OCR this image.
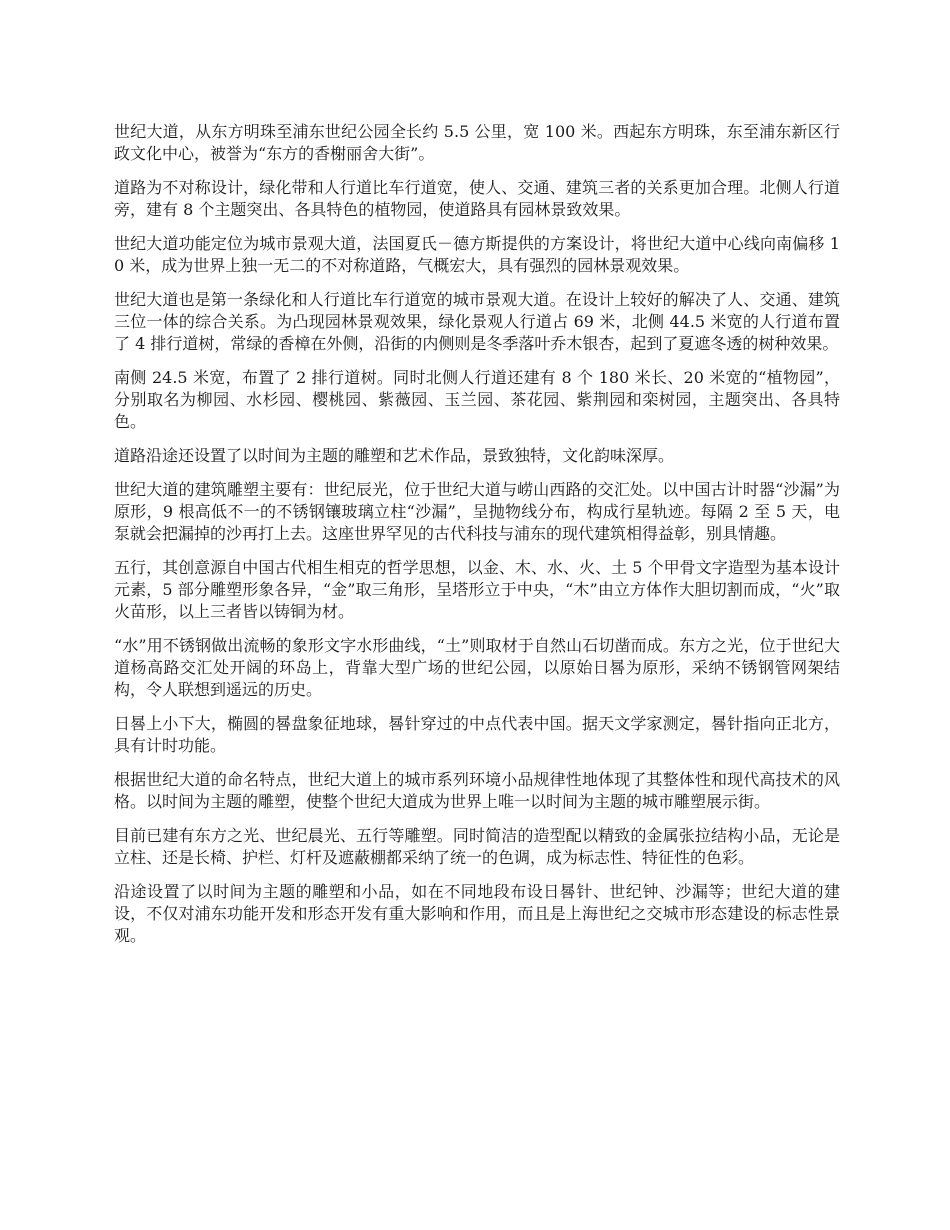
世纪大道，从东方明珠至浦东世纪公园全长约 5.5 公里，宽 100 米。西起东方明珠，东至浦东新区行政文化中心，被誉为“东方的香榭丽舍大街”。

道路为不对称设计，绿化带和人行道比车行道宽，使人、交通、建筑三者的关系更加合理。北侧人行道旁，建有 8 个主题突出、各具特色的植物园，使道路具有园林景致效果。

世纪大道功能定位为城市景观大道，法国夏氏－德方斯提供的方案设计，将世纪大道中心线向南偏移 10 米，成为世界上独一无二的不对称道路，气概宏大，具有强烈的园林景观效果。

世纪大道也是第一条绿化和人行道比车行道宽的城市景观大道。在设计上较好的解决了人、交通、建筑三位一体的综合关系。为凸现园林景观效果，绿化景观人行道占 69 米，北侧 44.5 米宽的人行道布置了 4 排行道树，常绿的香樟在外侧，沿街的内侧则是冬季落叶乔木银杏，起到了夏遮冬透的树种效果。

南侧 24.5 米宽，布置了 2 排行道树。同时北侧人行道还建有 8 个 180 米长、20 米宽的“植物园”，分别取名为柳园、水杉园、樱桃园、紫薇园、玉兰园、茶花园、紫荆园和栾树园，主题突出、各具特色。

道路沿途还设置了以时间为主题的雕塑和艺术作品，景致独特，文化韵味深厚。

世纪大道的建筑雕塑主要有：世纪辰光，位于世纪大道与崂山西路的交汇处。以中国古计时器“沙漏”为原形，9 根高低不一的不锈钢镶玻璃立柱“沙漏”，呈抛物线分布，构成行星轨迹。每隔 2 至 5 天，电泵就会把漏掉的沙再打上去。这座世界罕见的古代科技与浦东的现代建筑相得益彰，别具情趣。

五行，其创意源自中国古代相生相克的哲学思想，以金、木、水、火、土 5 个甲骨文字造型为基本设计元素，5 部分雕塑形象各异，“金”取三角形，呈塔形立于中央，“木”由立方体作大胆切割而成，“火”取火苗形，以上三者皆以铸铜为材。

“水”用不锈钢做出流畅的象形文字水形曲线，“土”则取材于自然山石切凿而成。东方之光，位于世纪大道杨高路交汇处开阔的环岛上，背靠大型广场的世纪公园，以原始日晷为原形，采纳不锈钢管网架结构，令人联想到遥远的历史。

日晷上小下大，椭圆的晷盘象征地球，晷针穿过的中点代表中国。据天文学家测定，晷针指向正北方，具有计时功能。

根据世纪大道的命名特点，世纪大道上的城市系列环境小品规律性地体现了其整体性和现代高技术的风格。以时间为主题的雕塑，使整个世纪大道成为世界上唯一以时间为主题的城市雕塑展示街。

目前已建有东方之光、世纪晨光、五行等雕塑。同时简洁的造型配以精致的金属张拉结构小品，无论是立柱、还是长椅、护栏、灯杆及遮蔽棚都采纳了统一的色调，成为标志性、特征性的色彩。

沿途设置了以时间为主题的雕塑和小品，如在不同地段布设日晷针、世纪钟、沙漏等；世纪大道的建设，不仅对浦东功能开发和形态开发有重大影响和作用，而且是上海世纪之交城市形态建设的标志性景观。
